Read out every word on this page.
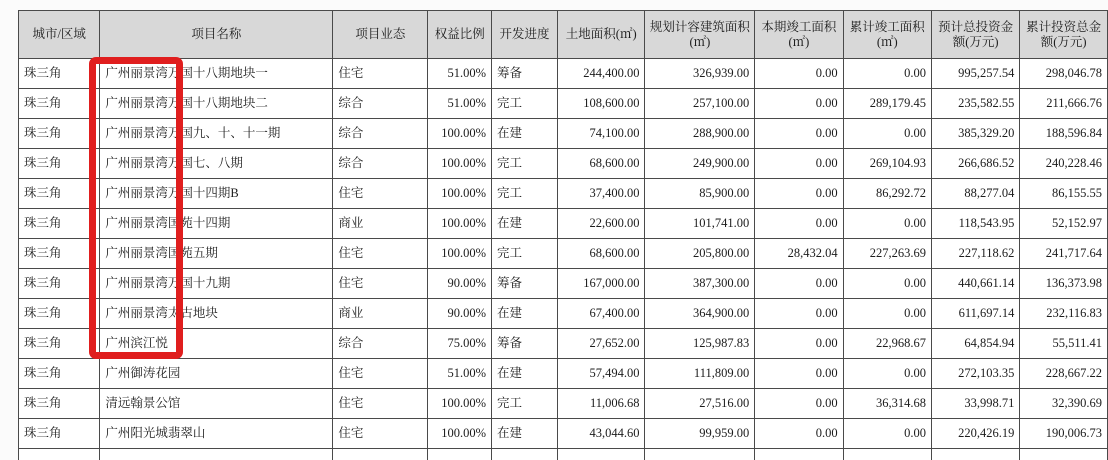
城市/区域	项目名称	项目业态	权益比例	开发进度	土地面积(㎡)	规划计容建筑面积(㎡)	本期竣工面积(㎡)	累计竣工面积(㎡)	预计总投资金额(万元)	累计投资总金额(万元)
珠三角	广州丽景湾万国十八期地块一	住宅	51.00%	筹备	244,400.00	326,939.00	0.00	0.00	995,257.54	298,046.78
珠三角	广州丽景湾万国十八期地块二	综合	51.00%	完工	108,600.00	257,100.00	0.00	289,179.45	235,582.55	211,666.76
珠三角	广州丽景湾万国九、十、十一期	综合	100.00%	在建	74,100.00	288,900.00	0.00	0.00	385,329.20	188,596.84
珠三角	广州丽景湾万国七、八期	综合	100.00%	完工	68,600.00	249,900.00	0.00	269,104.93	266,686.52	240,228.46
珠三角	广州丽景湾万国十四期B	住宅	100.00%	完工	37,400.00	85,900.00	0.00	86,292.72	88,277.04	86,155.55
珠三角	广州丽景湾国苑十四期	商业	100.00%	在建	22,600.00	101,741.00	0.00	0.00	118,543.95	52,152.97
珠三角	广州丽景湾国苑五期	住宅	100.00%	完工	68,600.00	205,800.00	28,432.04	227,263.69	227,118.62	241,717.64
珠三角	广州丽景湾万国十九期	住宅	90.00%	筹备	167,000.00	387,300.00	0.00	0.00	440,661.14	136,373.98
珠三角	广州丽景湾太古地块	商业	90.00%	在建	67,400.00	364,900.00	0.00	0.00	611,697.14	232,116.83
珠三角	广州滨江悦	综合	75.00%	筹备	27,652.00	125,987.83	0.00	22,968.67	64,854.94	55,511.41
珠三角	广州御涛花园	住宅	51.00%	在建	57,494.00	111,809.00	0.00	0.00	272,103.35	228,667.22
珠三角	清远翰景公馆	住宅	100.00%	完工	11,006.68	27,516.00	0.00	36,314.68	33,998.71	32,390.69
珠三角	广州阳光城翡翠山	住宅	100.00%	在建	43,044.60	99,959.00	0.00	0.00	220,426.19	190,006.73
